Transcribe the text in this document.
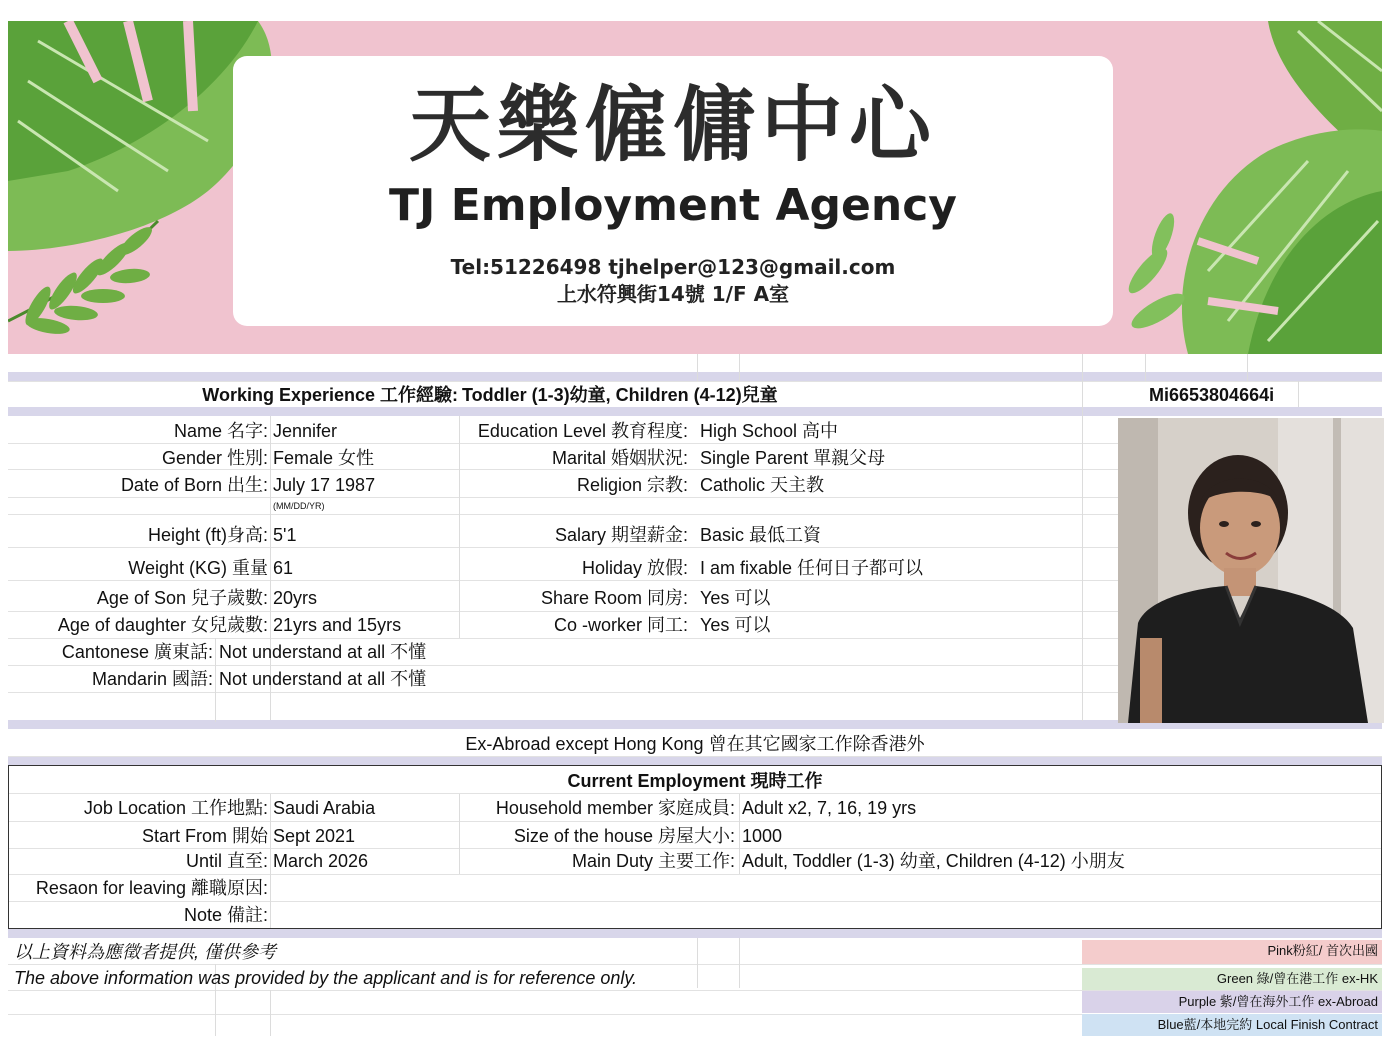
天樂僱傭中心
TJ Employment Agency
Tel:51226498 tjhelper@123@gmail.com
上水符興街14號 1/F A室
Working Experience 工作經驗: Toddler (1-3)幼童, Children (4-12)兒童	Mi6653804664i
Name 名字: Jennifer
Gender 性別: Female 女性
Date of Born 出生: July 17 1987
(MM/DD/YR)
Height (ft)身高: 5'1
Weight (KG) 重量 61
Age of Son 兒子歲數: 20yrs
Age of daughter 女兒歲數: 21yrs and 15yrs
Cantonese 廣東話: Not understand at all 不懂
Mandarin 國語: Not understand at all 不懂
Education Level 教育程度: High School 高中
Marital 婚姻狀況: Single Parent 單親父母
Religion 宗教: Catholic 天主教
Salary 期望薪金: Basic 最低工資
Holiday 放假: I am fixable 任何日子都可以
Share Room 同房: Yes 可以
Co -worker 同工: Yes 可以
Ex-Abroad except Hong Kong 曾在其它國家工作除香港外
Current Employment 現時工作
Job Location 工作地點: Saudi Arabia
Start From 開始 Sept 2021
Until 直至: March 2026
Household member 家庭成員: Adult x2, 7, 16, 19 yrs
Size of the house 房屋大小: 1000
Main Duty 主要工作: Adult, Toddler (1-3) 幼童, Children (4-12) 小朋友
Resaon for leaving 離職原因:
Note 備註:
以上資料為應徵者提供, 僅供參考
The above information was provided by the applicant and is for reference only.
Pink粉紅/ 首次出國
Green 綠/曾在港工作 ex-HK
Purple 紫/曾在海外工作 ex-Abroad
Blue藍/本地完約 Local Finish Contract
